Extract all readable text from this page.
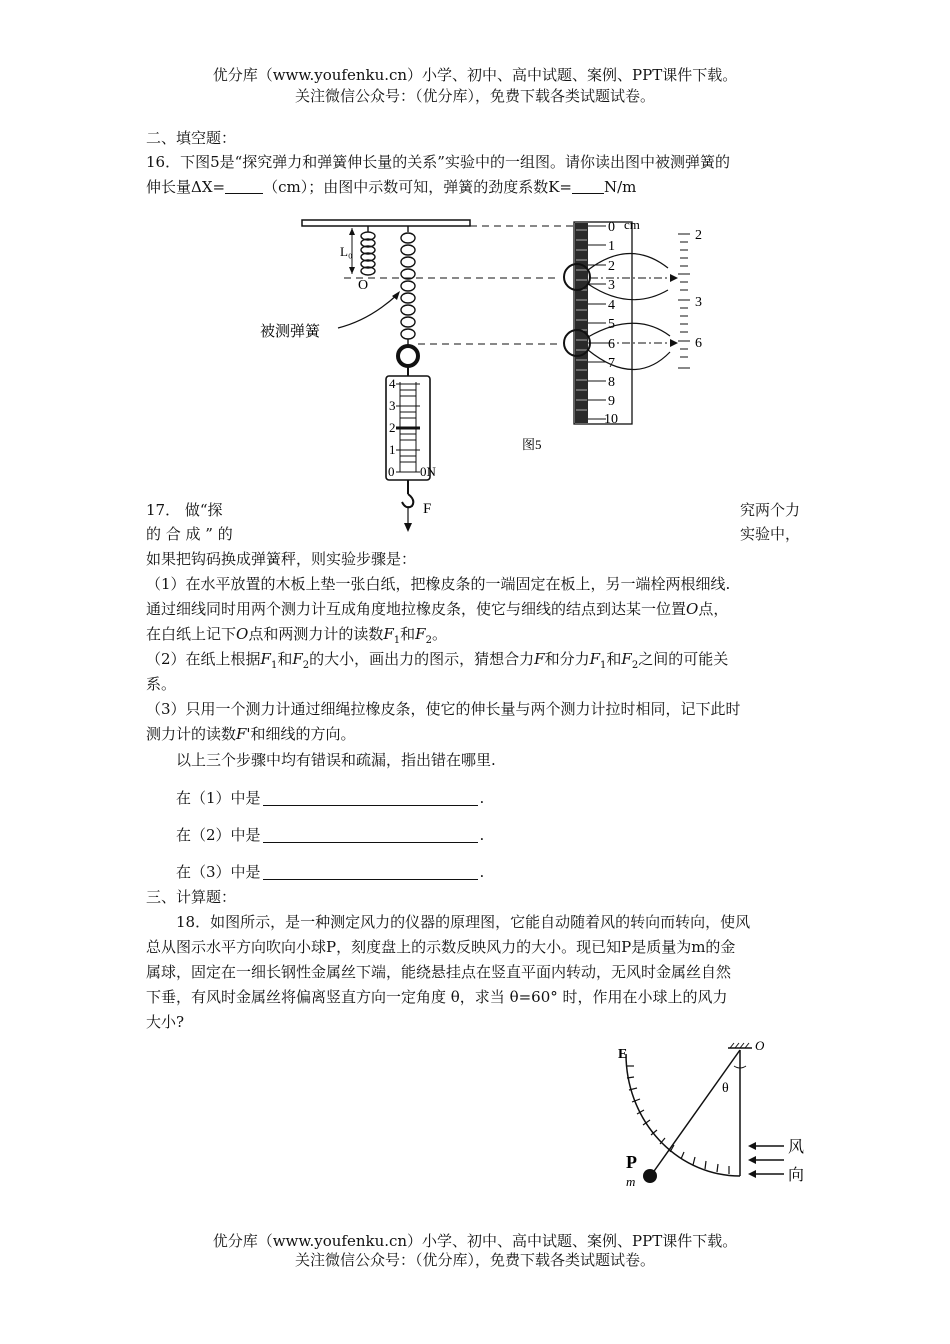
优分库（www.youfenku.cn）小学、初中、高中试题、案例、PPT课件下载。
关注微信公众号：（优分库），免费下载各类试题试卷。
二、填空题：
16．下图5是“探究弹力和弹簧伸长量的关系”实验中的一组图。请你读出图中被测弹簧的
伸长量ΔX=	（cm）；由图中示数可知，弹簧的劲度系数K= N/m
L₀
O
被测弹簧
4
3
2
1
0 0N
F
0
1
2
3
4
5
6
7
8
9
10
cm
2
3
6
图5
17． 做“探	究两个力
的 合 成 ” 的	实验中，
如果把钩码换成弹簧秤，则实验步骤是：
（1）在水平放置的木板上垫一张白纸，把橡皮条的一端固定在板上，另一端栓两根细线.
通过细线同时用两个测力计互成角度地拉橡皮条，使它与细线的结点到达某一位置O点，
在白纸上记下O点和两测力计的读数$F_1$和$F_2$。
（2）在纸上根据$F_1$和$F_2$的大小，画出力的图示，猜想合力F和分力$F_1$和$F_2$之间的可能关
系。
（3）只用一个测力计通过细绳拉橡皮条，使它的伸长量与两个测力计拉时相同，记下此时
测力计的读数F'和细线的方向。
以上三个步骤中均有错误和疏漏，指出错在哪里.
在（1）中是	.
在（2）中是	.
在（3）中是	.
三、计算题：
18．如图所示，是一种测定风力的仪器的原理图，它能自动随着风的转向而转向，使风
总从图示水平方向吹向小球P，刻度盘上的示数反映风力的大小。现已知P是质量为m的金
属球，固定在一细长钢性金属丝下端，能绕悬挂点在竖直平面内转动，无风时金属丝自然
下垂，有风时金属丝将偏离竖直方向一定角度 θ，求当 θ=60° 时，作用在小球上的风力
大小?
O
E
θ
P
m
风
向
优分库（www.youfenku.cn）小学、初中、高中试题、案例、PPT课件下载。
关注微信公众号：（优分库），免费下载各类试题试卷。
